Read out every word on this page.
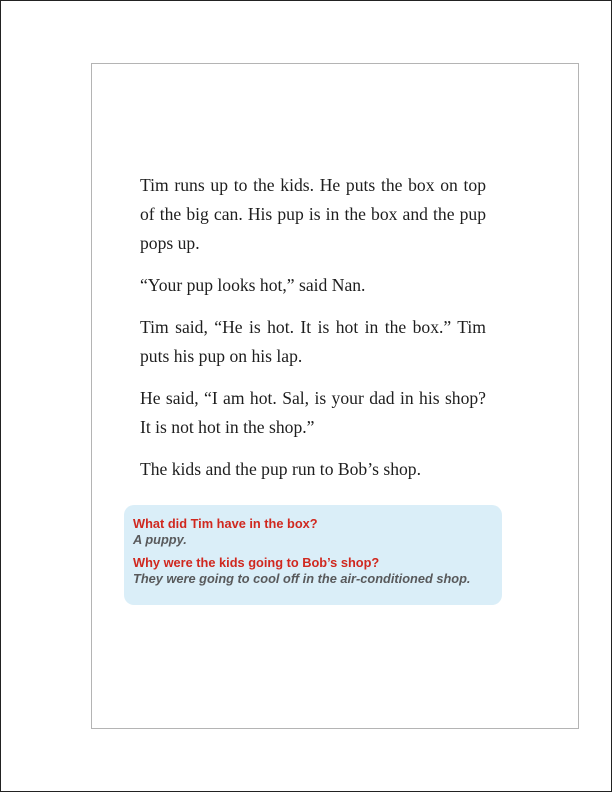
Tim runs up to the kids. He puts the box on top of the big can. His pup is in the box and the pup pops up.

“Your pup looks hot,” said Nan.

Tim said, “He is hot. It is hot in the box.” Tim puts his pup on his lap.

He said, “I am hot. Sal, is your dad in his shop? It is not hot in the shop.”

The kids and the pup run to Bob’s shop.

What did Tim have in the box?
A puppy.
Why were the kids going to Bob’s shop?
They were going to cool off in the air-conditioned shop.
